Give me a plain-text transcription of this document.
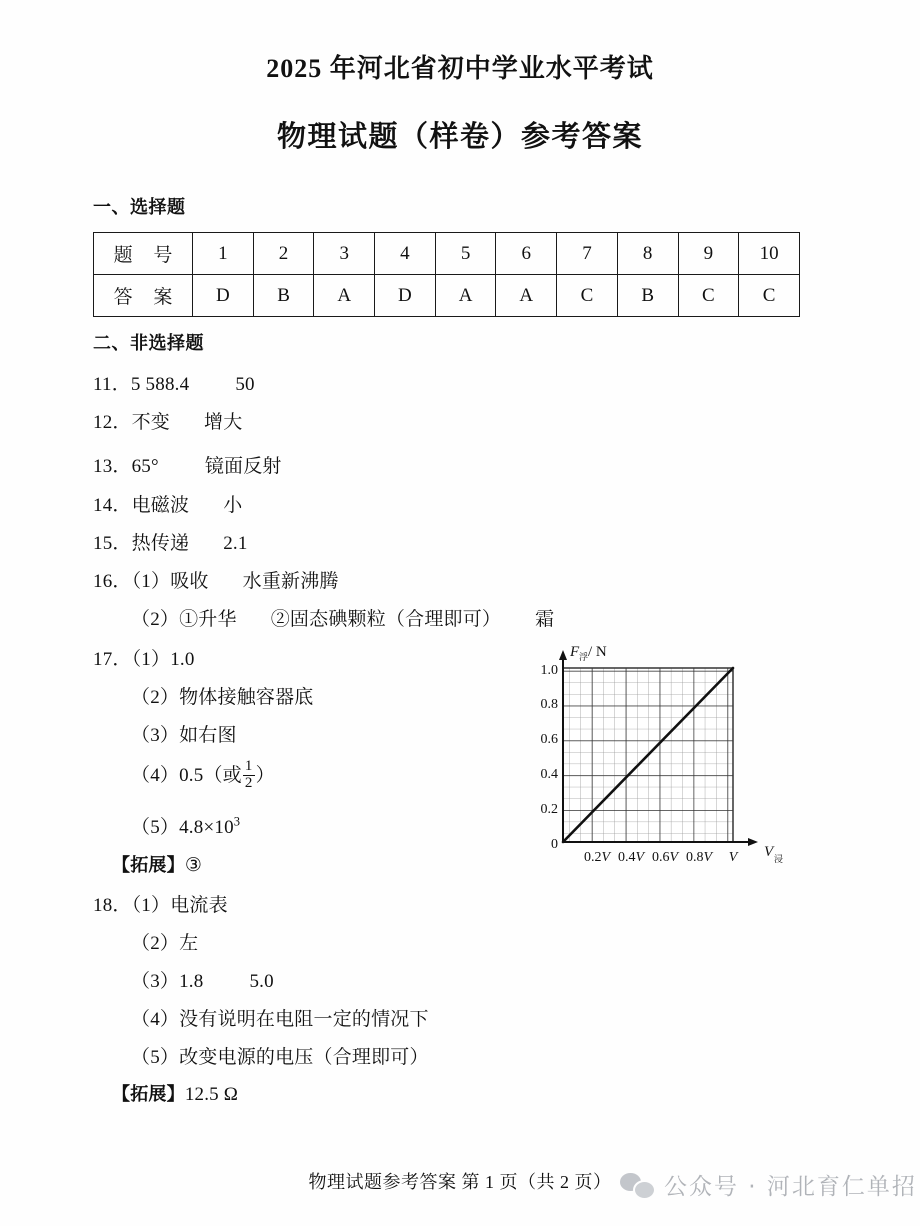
2025 年河北省初中学业水平考试
物理试题（样卷）参考答案
一、选择题
题 号	1	2	3	4	5	6	7	8	9	10
答 案	D	B	A	D	A	A	C	B	C	C
二、非选择题
11．5 588.4 50
12．不变 增大
13．65° 镜面反射
14．电磁波 小
15．热传递 2.1
16．（1）吸收 水重新沸腾
（2）①升华 ②固态碘颗粒（合理即可） 霜
17．（1）1.0
（2）物体接触容器底
（3）如右图
（4）0.5（或 $\frac{1}{2}$ ）
$(5)4.8\times 10^3$
【拓展】③
18．（1）电流表
（2）左
（3）1.8 5.0
（4）没有说明在电阻一定的情况下
（5）改变电源的电压（合理即可）
【拓展】12.5 Ω
0
0.2
0.4
0.6
0.8
1.0
F 浮 / N
0.2V 0.4V 0.6V 0.8V V V 浸
物理试题参考答案 第 1 页（共 2 页）	公众号 · 河北育仁单招
